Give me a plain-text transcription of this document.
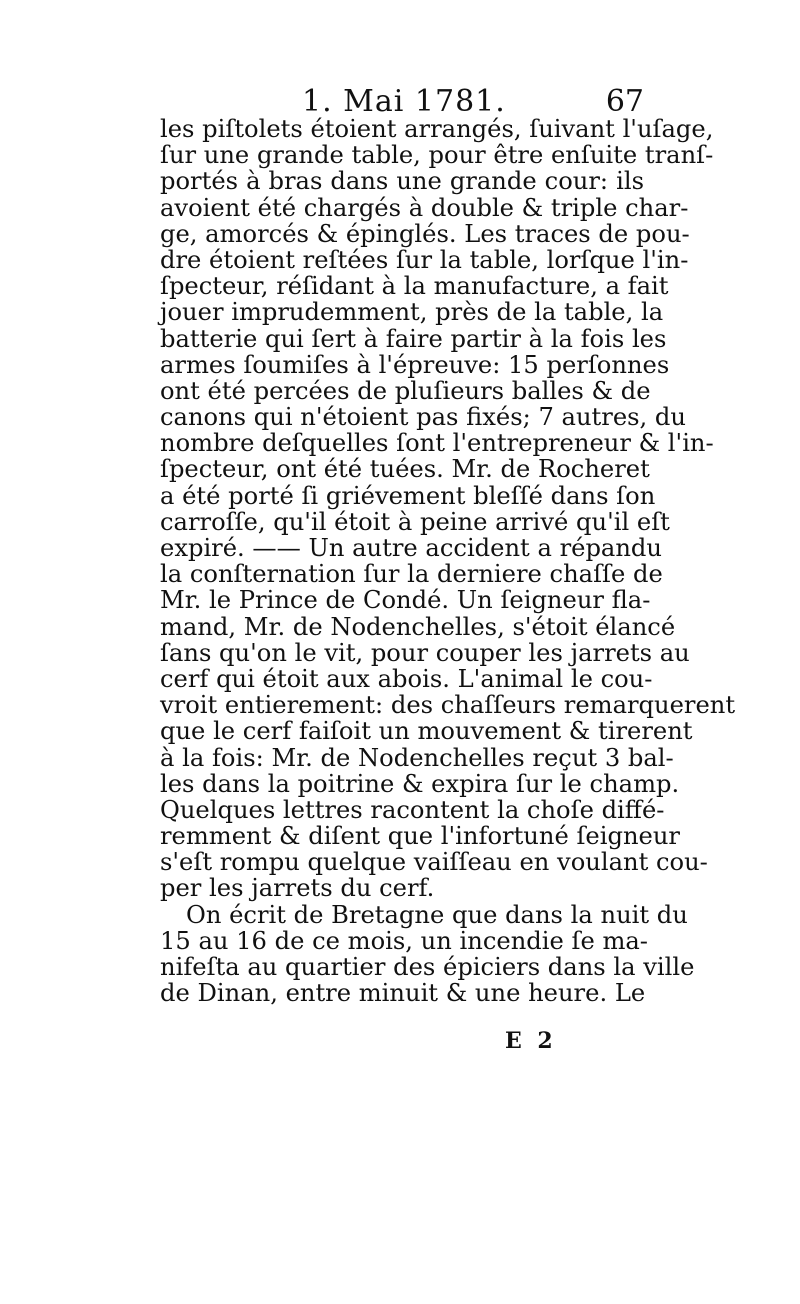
1. Mai 1781.	67
les piſtolets étoient arrangés, ſuivant l'uſage,
ſur une grande table, pour être enſuite tranſ-
portés à bras dans une grande cour: ils
avoient été chargés à double & triple char-
ge, amorcés & épinglés. Les traces de pou-
dre étoient reſtées ſur la table, lorſque l'in-
ſpecteur, réſidant à la manufacture, a fait
jouer imprudemment, près de la table, la
batterie qui ſert à faire partir à la fois les
armes ſoumiſes à l'épreuve: 15 perſonnes
ont été percées de pluſieurs balles & de
canons qui n'étoient pas fixés; 7 autres, du
nombre deſquelles ſont l'entrepreneur & l'in-
ſpecteur, ont été tuées. Mr. de Rocheret
a été porté ſi griévement bleſſé dans ſon
carroſſe, qu'il étoit à peine arrivé qu'il eſt
expiré. —— Un autre accident a répandu
la conſternation ſur la derniere chaſſe de
Mr. le Prince de Condé. Un ſeigneur fla-
mand, Mr. de Nodenchelles, s'étoit élancé
ſans qu'on le vit, pour couper les jarrets au
cerf qui étoit aux abois. L'animal le cou-
vroit entierement: des chaſſeurs remarquerent
que le cerf faiſoit un mouvement & tirerent
à la fois: Mr. de Nodenchelles reçut 3 bal-
les dans la poitrine & expira ſur le champ.
Quelques lettres racontent la choſe diffé-
remment & diſent que l'infortuné ſeigneur
s'eſt rompu quelque vaiſſeau en voulant cou-
per les jarrets du cerf.
On écrit de Bretagne que dans la nuit du
15 au 16 de ce mois, un incendie ſe ma-
nifeſta au quartier des épiciers dans la ville
de Dinan, entre minuit & une heure. Le
E 2
